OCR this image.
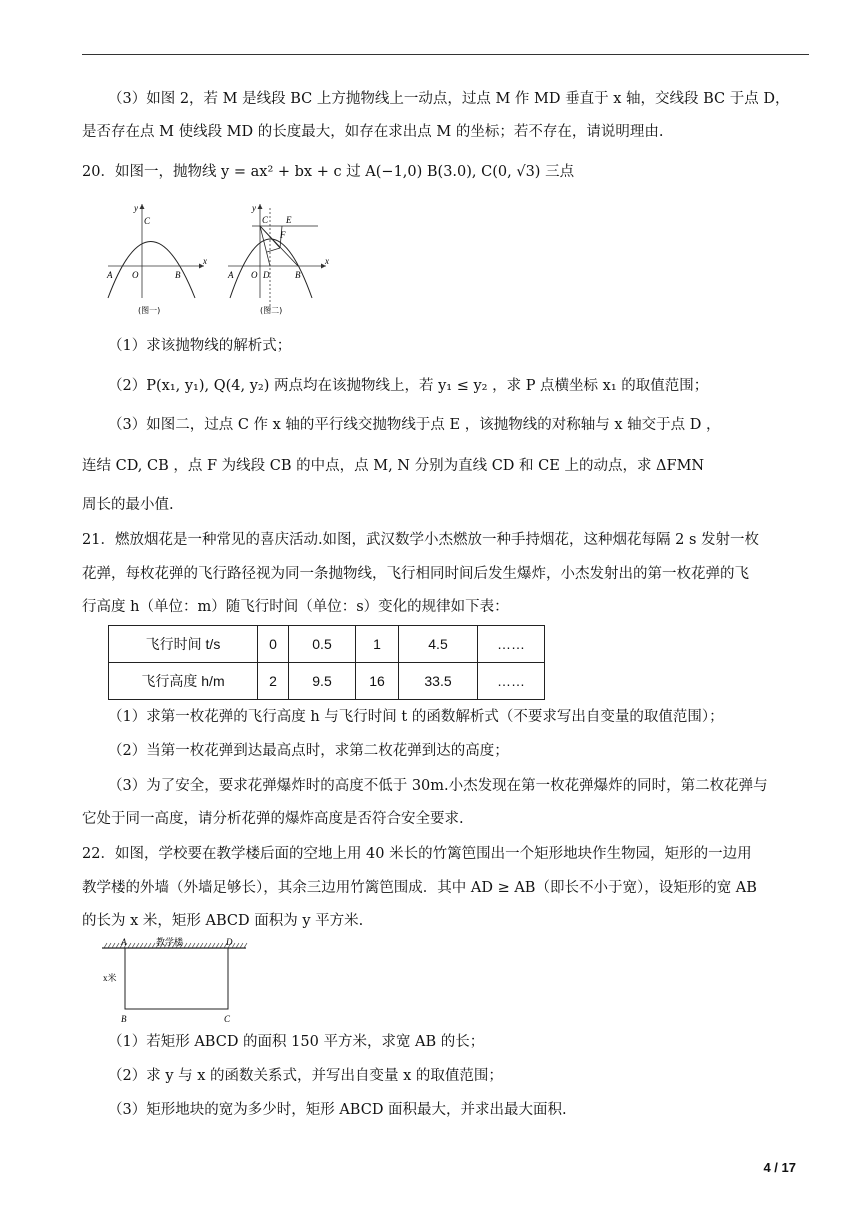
（3）如图 2，若 M 是线段 BC 上方抛物线上一动点，过点 M 作 MD 垂直于 x 轴，交线段 BC 于点 D，
是否存在点 M 使线段 MD 的长度最大，如存在求出点 M 的坐标；若不存在，请说明理由.
20．如图一，抛物线 y = ax² + bx + c 过 A(−1,0) B(3.0), C(0, √3) 三点
y
x
A O	B
C
(图一)
y
x
A O D	B
C E
F
(图二)
（1）求该抛物线的解析式；
（2）P(x₁, y₁), Q(4, y₂) 两点均在该抛物线上，若 y₁ ≤ y₂ ，求 P 点横坐标 x₁ 的取值范围；
（3）如图二，过点 C 作 x 轴的平行线交抛物线于点 E ，该抛物线的对称轴与 x 轴交于点 D ，
连结 CD, CB ，点 F 为线段 CB 的中点，点 M, N 分别为直线 CD 和 CE 上的动点，求 ΔFMN
周长的最小值.
21．燃放烟花是一种常见的喜庆活动.如图，武汉数学小杰燃放一种手持烟花，这种烟花每隔 2 s 发射一枚
花弹，每枚花弹的飞行路径视为同一条抛物线，飞行相同时间后发生爆炸，小杰发射出的第一枚花弹的飞
行高度 h（单位：m）随飞行时间（单位：s）变化的规律如下表：
飞行时间 t/s	0	0.5	1	4.5	……
飞行高度 h/m	2	9.5	16	33.5	……
（1）求第一枚花弹的飞行高度 h 与飞行时间 t 的函数解析式（不要求写出自变量的取值范围）；
（2）当第一枚花弹到达最高点时，求第二枚花弹到达的高度；
（3）为了安全，要求花弹爆炸时的高度不低于 30m.小杰发现在第一枚花弹爆炸的同时，第二枚花弹与
它处于同一高度，请分析花弹的爆炸高度是否符合安全要求.
22．如图，学校要在教学楼后面的空地上用 40 米长的竹篱笆围出一个矩形地块作生物园，矩形的一边用
教学楼的外墙（外墙足够长），其余三边用竹篱笆围成．其中 AD ≥ AB（即长不小于宽），设矩形的宽 AB
的长为 x 米，矩形 ABCD 面积为 y 平方米.
A	教学楼	D
x米
B	C
（1）若矩形 ABCD 的面积 150 平方米，求宽 AB 的长；
（2）求 y 与 x 的函数关系式，并写出自变量 x 的取值范围；
（3）矩形地块的宽为多少时，矩形 ABCD 面积最大，并求出最大面积.
4 / 17
